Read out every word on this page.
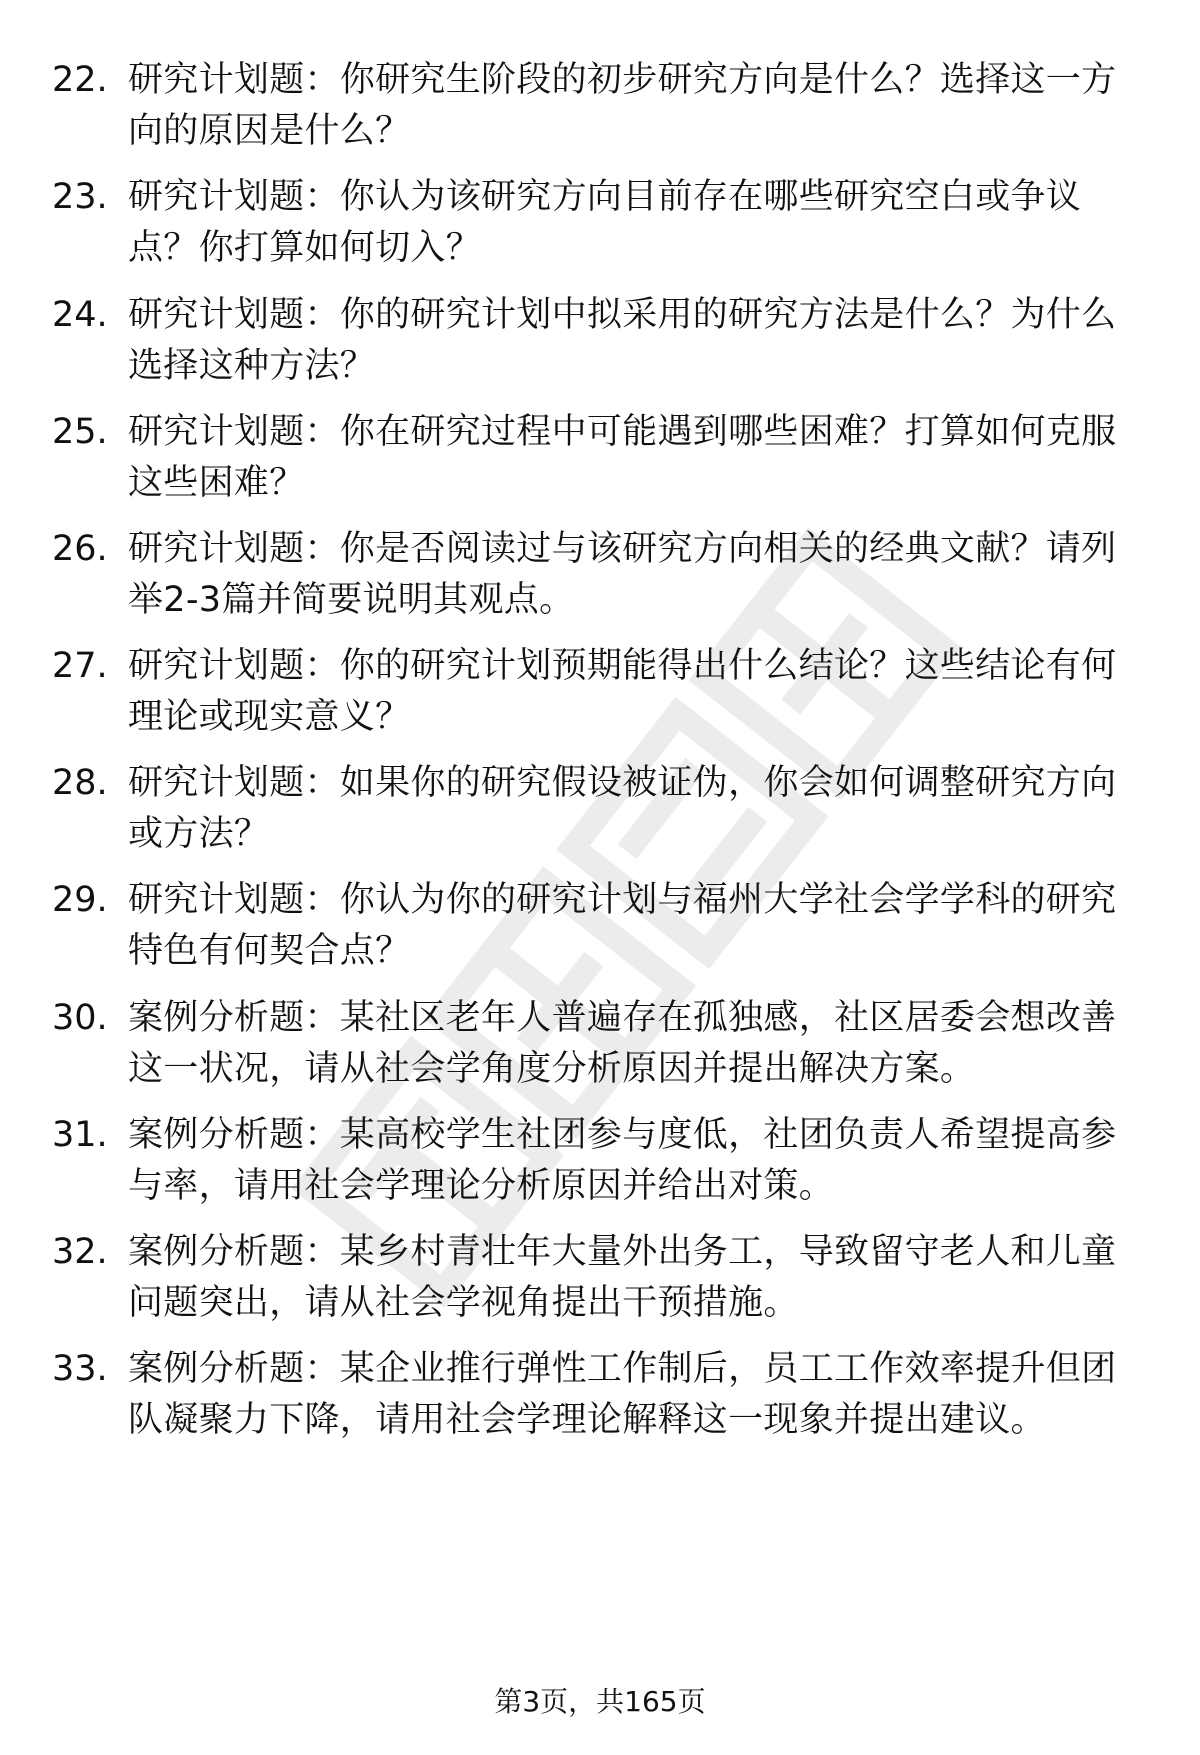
22. 研究计划题：你研究生阶段的初步研究方向是什么？选择这一方向的原因是什么？
23. 研究计划题：你认为该研究方向目前存在哪些研究空白或争议点？你打算如何切入？
24. 研究计划题：你的研究计划中拟采用的研究方法是什么？为什么选择这种方法？
25. 研究计划题：你在研究过程中可能遇到哪些困难？打算如何克服这些困难？
26. 研究计划题：你是否阅读过与该研究方向相关的经典文献？请列举2-3篇并简要说明其观点。
27. 研究计划题：你的研究计划预期能得出什么结论？这些结论有何理论或现实意义？
28. 研究计划题：如果你的研究假设被证伪，你会如何调整研究方向或方法？
29. 研究计划题：你认为你的研究计划与福州大学社会学学科的研究特色有何契合点？
30. 案例分析题：某社区老年人普遍存在孤独感，社区居委会想改善这一状况，请从社会学角度分析原因并提出解决方案。
31. 案例分析题：某高校学生社团参与度低，社团负责人希望提高参与率，请用社会学理论分析原因并给出对策。
32. 案例分析题：某乡村青壮年大量外出务工，导致留守老人和儿童问题突出，请从社会学视角提出干预措施。
33. 案例分析题：某企业推行弹性工作制后，员工工作效率提升但团队凝聚力下降，请用社会学理论解释这一现象并提出建议。
第3页，共165页
